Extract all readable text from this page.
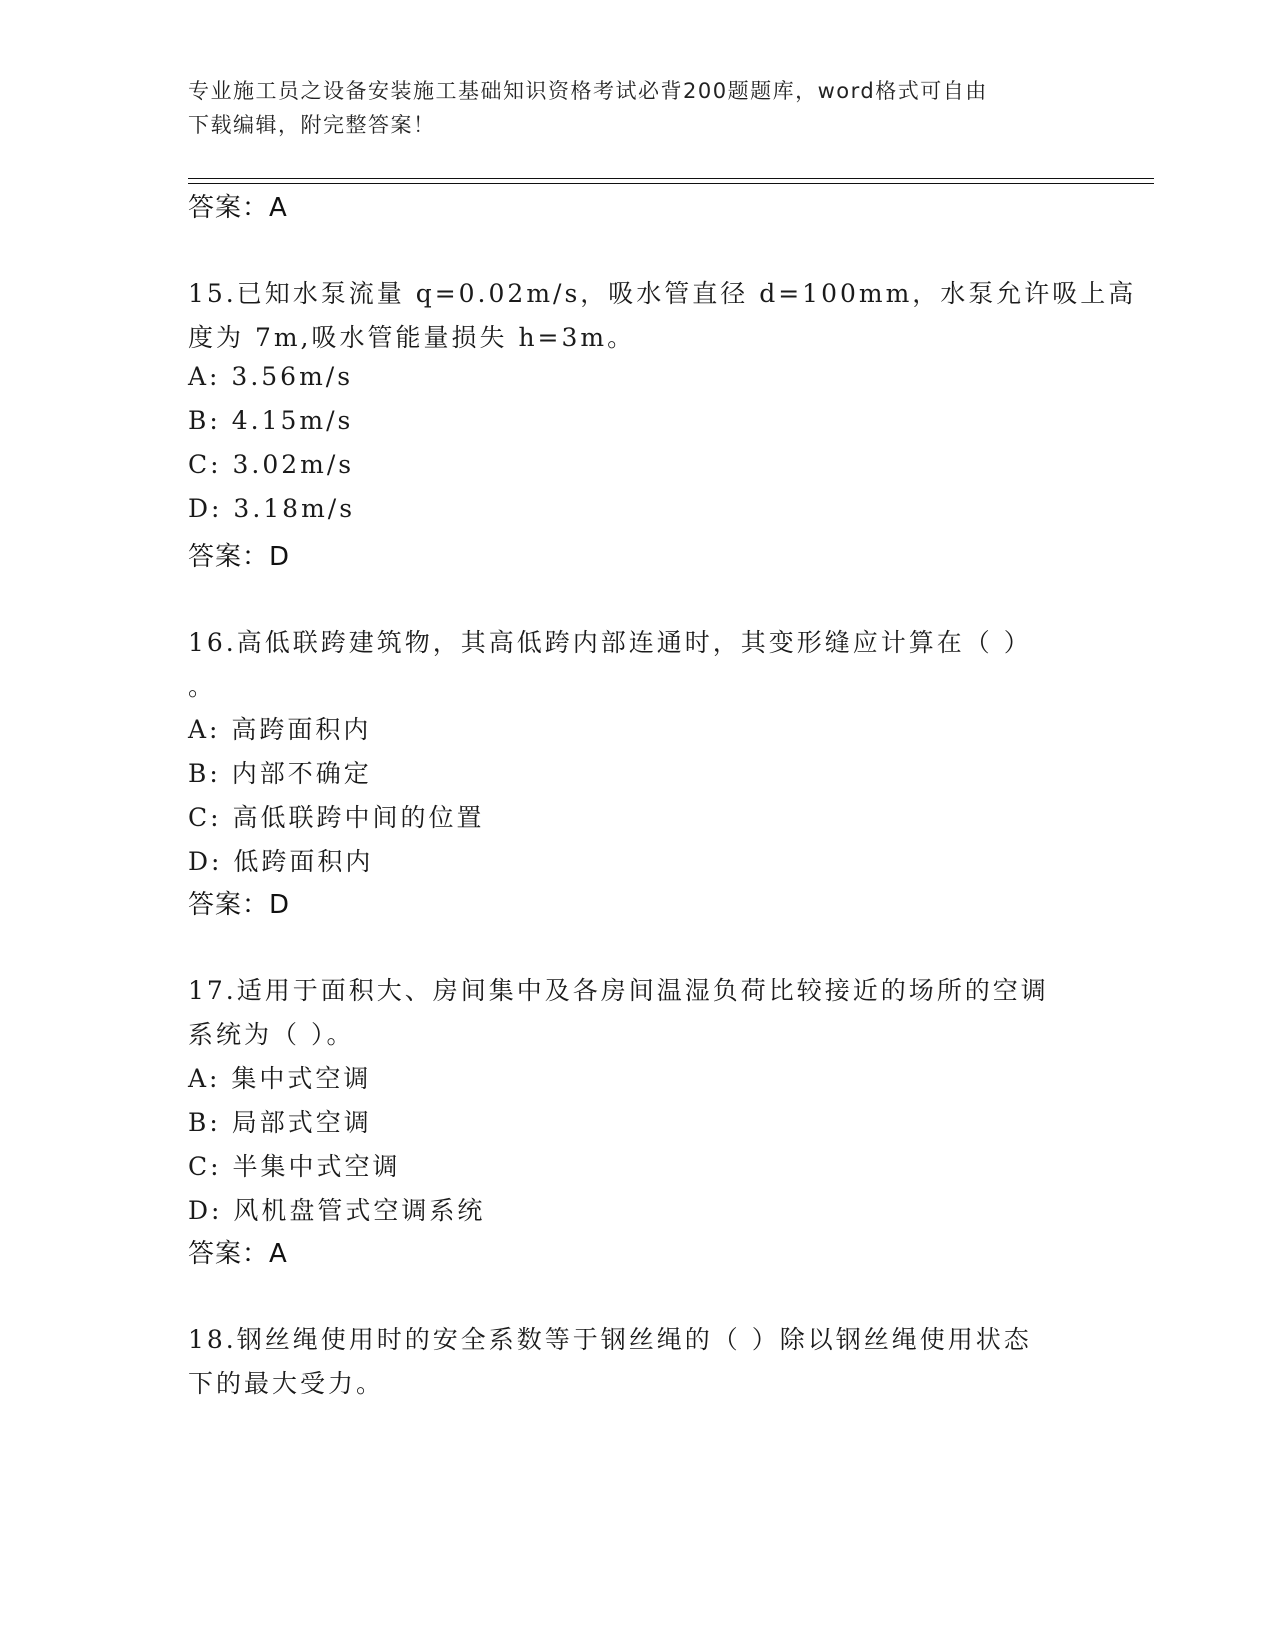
专业施工员之设备安装施工基础知识资格考试必背200题题库，word格式可自由
下载编辑，附完整答案！
答案：A
15.已知水泵流量 q=0.02m/s，吸水管直径 d=100mm，水泵允许吸上高
度为 7m,吸水管能量损失 h=3m。
A: 3.56m/s
B: 4.15m/s
C: 3.02m/s
D: 3.18m/s
答案：D
16.高低联跨建筑物，其高低跨内部连通时，其变形缝应计算在（ ）
。
A: 高跨面积内
B: 内部不确定
C: 高低联跨中间的位置
D: 低跨面积内
答案：D
17.适用于面积大、房间集中及各房间温湿负荷比较接近的场所的空调
系统为（ ）。
A: 集中式空调
B: 局部式空调
C: 半集中式空调
D: 风机盘管式空调系统
答案：A
18.钢丝绳使用时的安全系数等于钢丝绳的（ ）除以钢丝绳使用状态
下的最大受力。
